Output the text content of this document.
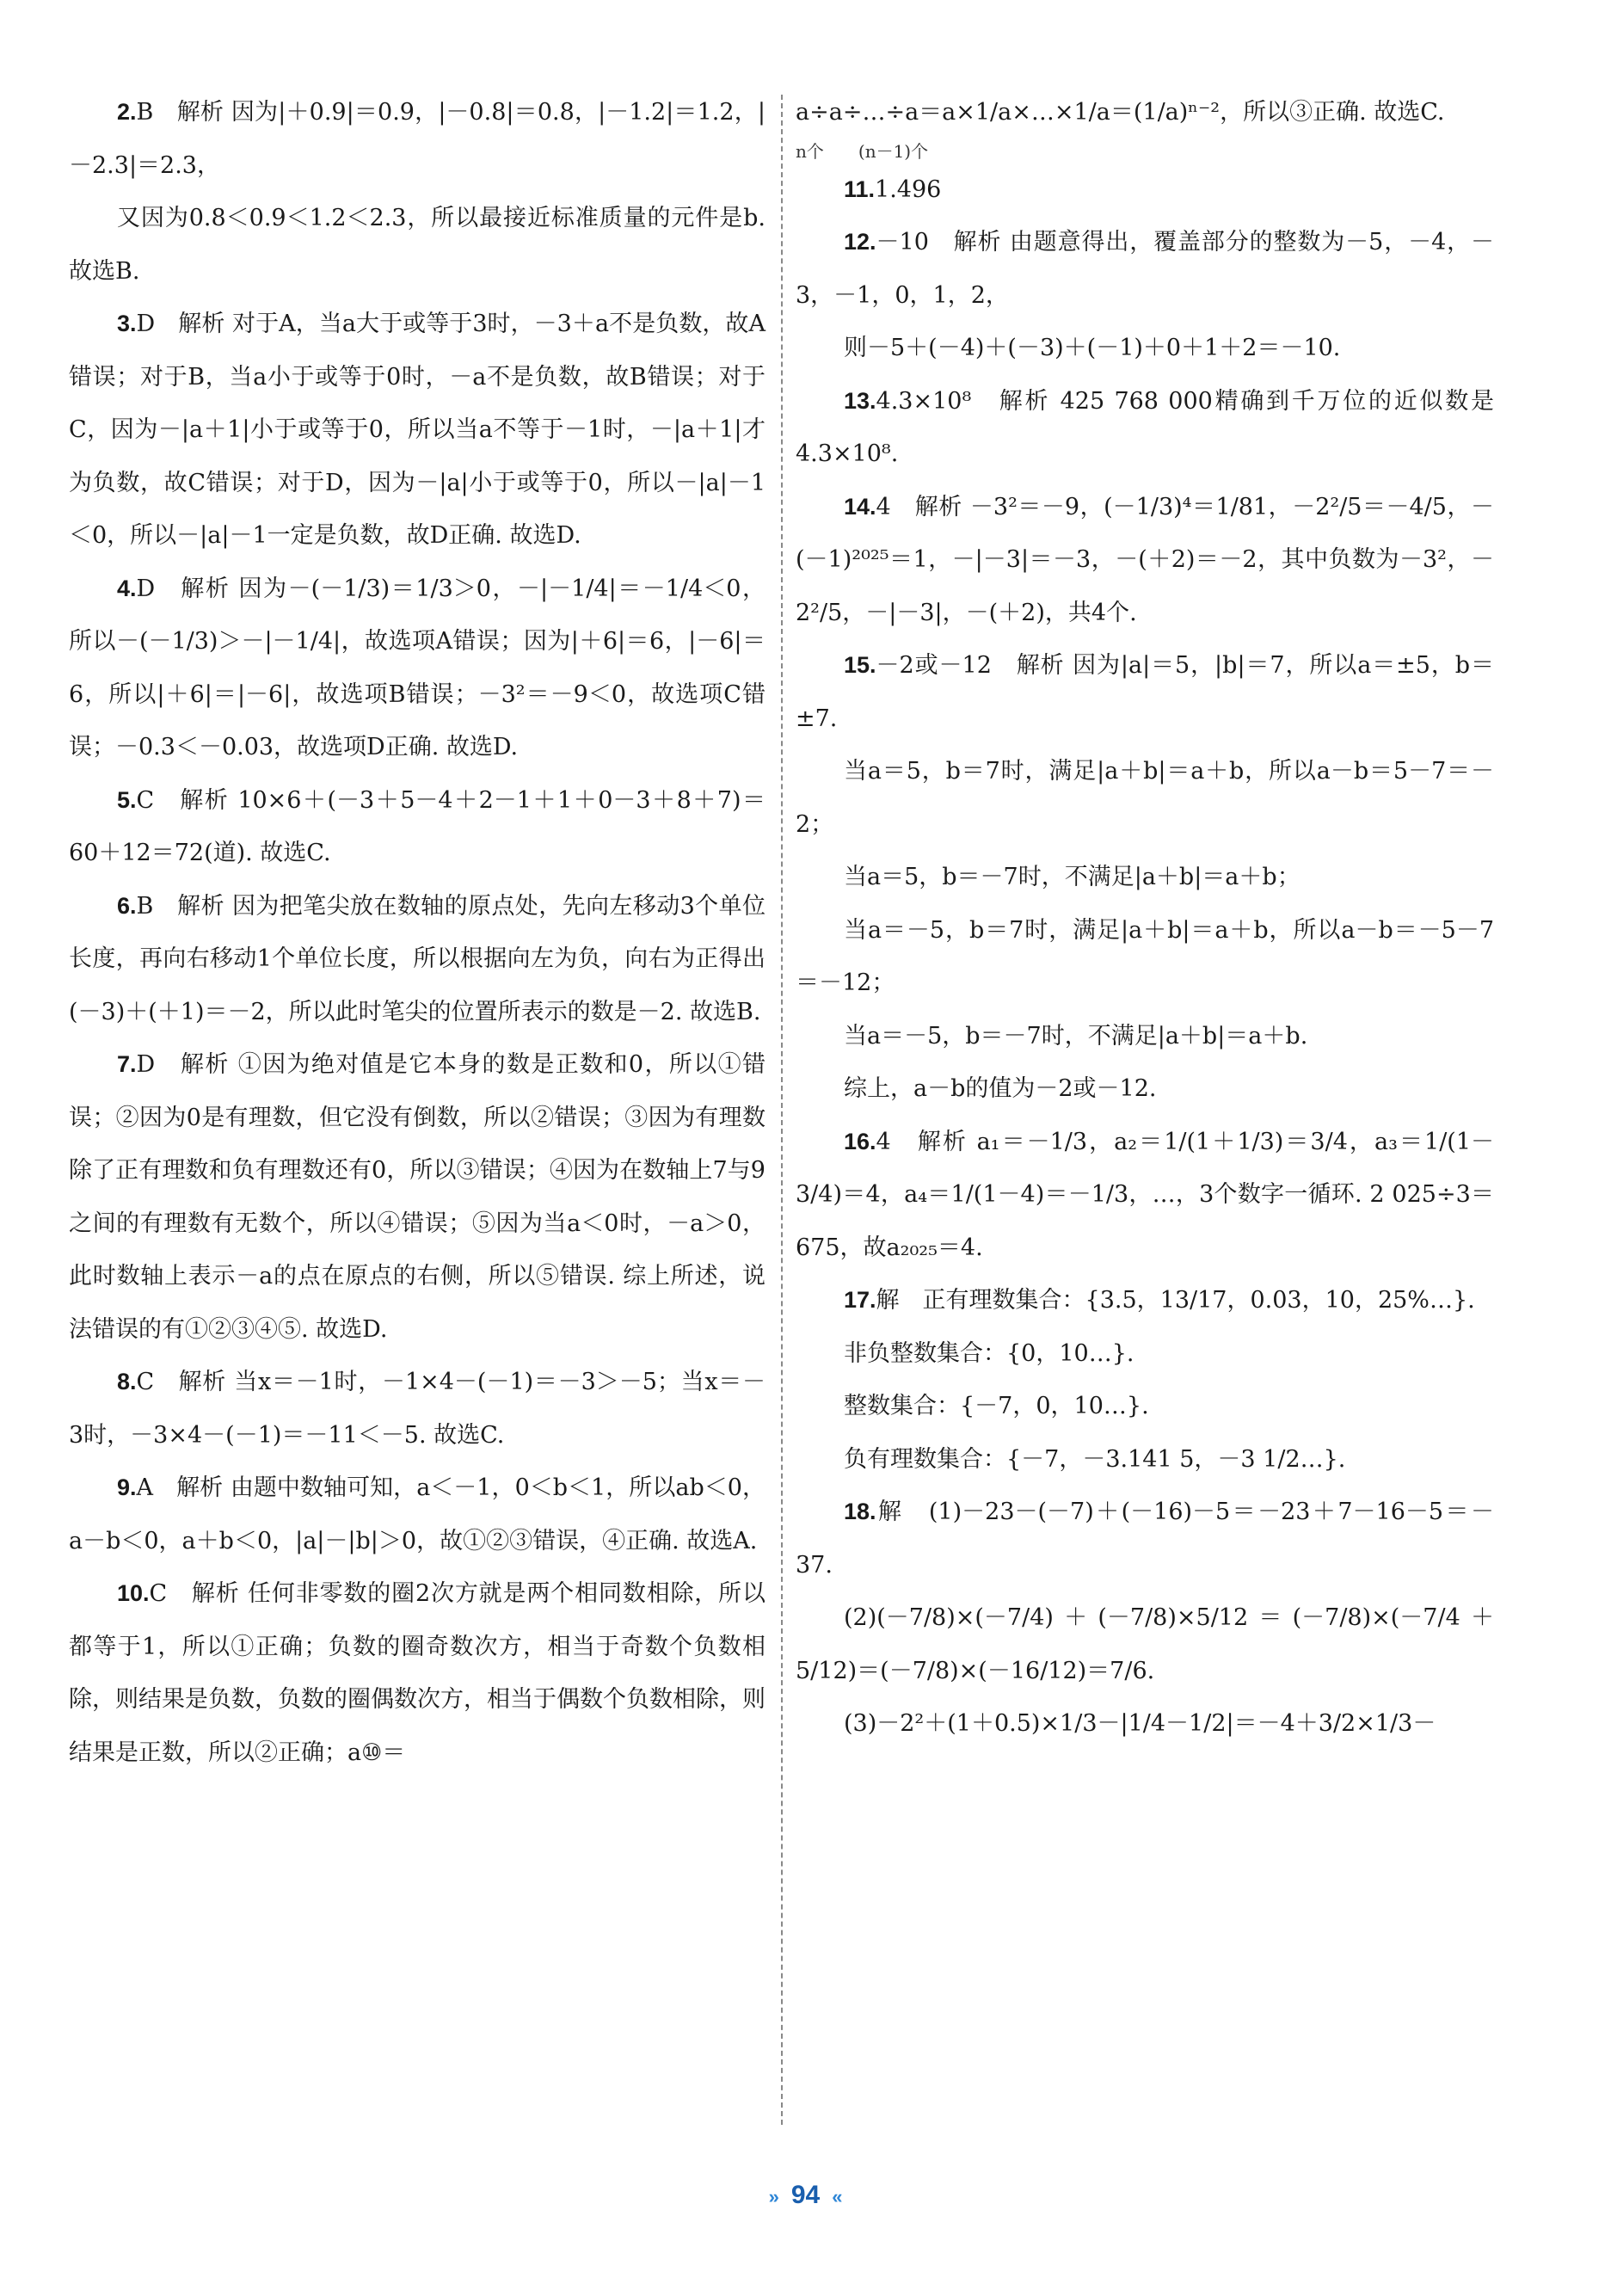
2.B　解析 因为|＋0.9|＝0.9，|－0.8|＝0.8，|－1.2|＝1.2，|－2.3|＝2.3，

又因为0.8＜0.9＜1.2＜2.3，所以最接近标准质量的元件是b. 故选B.

3.D　解析 对于A，当a大于或等于3时，－3＋a不是负数，故A错误；对于B，当a小于或等于0时，－a不是负数，故B错误；对于C，因为－|a＋1|小于或等于0，所以当a不等于－1时，－|a＋1|才为负数，故C错误；对于D，因为－|a|小于或等于0，所以－|a|－1＜0，所以－|a|－1一定是负数，故D正确. 故选D.

4.D　解析 因为－(－1/3)＝1/3＞0，－|－1/4|＝－1/4＜0，所以－(－1/3)＞－|－1/4|，故选项A错误；因为|＋6|＝6，|－6|＝6，所以|＋6|＝|－6|，故选项B错误；－3²＝－9＜0，故选项C错误；－0.3＜－0.03，故选项D正确. 故选D.

5.C　解析 10×6＋(－3＋5－4＋2－1＋1＋0－3＋8＋7)＝60＋12＝72(道). 故选C.

6.B　解析 因为把笔尖放在数轴的原点处，先向左移动3个单位长度，再向右移动1个单位长度，所以根据向左为负，向右为正得出(－3)＋(＋1)＝－2，所以此时笔尖的位置所表示的数是－2. 故选B.

7.D　解析 ①因为绝对值是它本身的数是正数和0，所以①错误；②因为0是有理数，但它没有倒数，所以②错误；③因为有理数除了正有理数和负有理数还有0，所以③错误；④因为在数轴上7与9之间的有理数有无数个，所以④错误；⑤因为当a＜0时，－a＞0，此时数轴上表示－a的点在原点的右侧，所以⑤错误. 综上所述，说法错误的有①②③④⑤. 故选D.

8.C　解析 当x＝－1时，－1×4－(－1)＝－3＞－5；当x＝－3时，－3×4－(－1)＝－11＜－5. 故选C.

9.A　解析 由题中数轴可知，a＜－1，0＜b＜1，所以ab＜0，a－b＜0，a＋b＜0，|a|－|b|＞0，故①②③错误，④正确. 故选A.

10.C　解析 任何非零数的圈2次方就是两个相同数相除，所以都等于1，所以①正确；负数的圈奇数次方，相当于奇数个负数相除，则结果是负数，负数的圈偶数次方，相当于偶数个负数相除，则结果是正数，所以②正确；a⑩＝

a÷a÷…÷a＝a×1/a×…×1/a＝(1/a)ⁿ⁻²，所以③正确. 故选C.

n个　　 (n－1)个

11.1.496

12.－10　解析 由题意得出，覆盖部分的整数为－5，－4，－3，－1，0，1，2，

则－5＋(－4)＋(－3)＋(－1)＋0＋1＋2＝－10.

13.4.3×10⁸　解析 425 768 000精确到千万位的近似数是4.3×10⁸.

14.4　解析 －3²＝－9，(－1/3)⁴＝1/81，－2²/5＝－4/5，－(－1)²⁰²⁵＝1，－|－3|＝－3，－(＋2)＝－2，其中负数为－3²，－2²/5，－|－3|，－(＋2)，共4个.

15.－2或－12　解析 因为|a|＝5，|b|＝7，所以a＝±5，b＝±7.

当a＝5，b＝7时，满足|a＋b|＝a＋b，所以a－b＝5－7＝－2；

当a＝5，b＝－7时，不满足|a＋b|＝a＋b；

当a＝－5，b＝7时，满足|a＋b|＝a＋b，所以a－b＝－5－7＝－12；

当a＝－5，b＝－7时，不满足|a＋b|＝a＋b.

综上，a－b的值为－2或－12.

16.4　解析 a₁＝－1/3，a₂＝1/(1＋1/3)＝3/4，a₃＝1/(1－3/4)＝4，a₄＝1/(1－4)＝－1/3，…，3个数字一循环. 2 025÷3＝675，故a₂₀₂₅＝4.

17.解　正有理数集合：{3.5，13/17，0.03，10，25%…}.

非负整数集合：{0，10…}.

整数集合：{－7，0，10…}.

负有理数集合：{－7，－3.141 5，－3 1/2…}.

18.解　(1)－23－(－7)＋(－16)－5＝－23＋7－16－5＝－37.

(2)(－7/8)×(－7/4)＋(－7/8)×5/12＝(－7/8)×(－7/4＋5/12)＝(－7/8)×(－16/12)＝7/6.

(3)－2²＋(1＋0.5)×1/3－|1/4－1/2|＝－4＋3/2×1/3－

» 94 «
